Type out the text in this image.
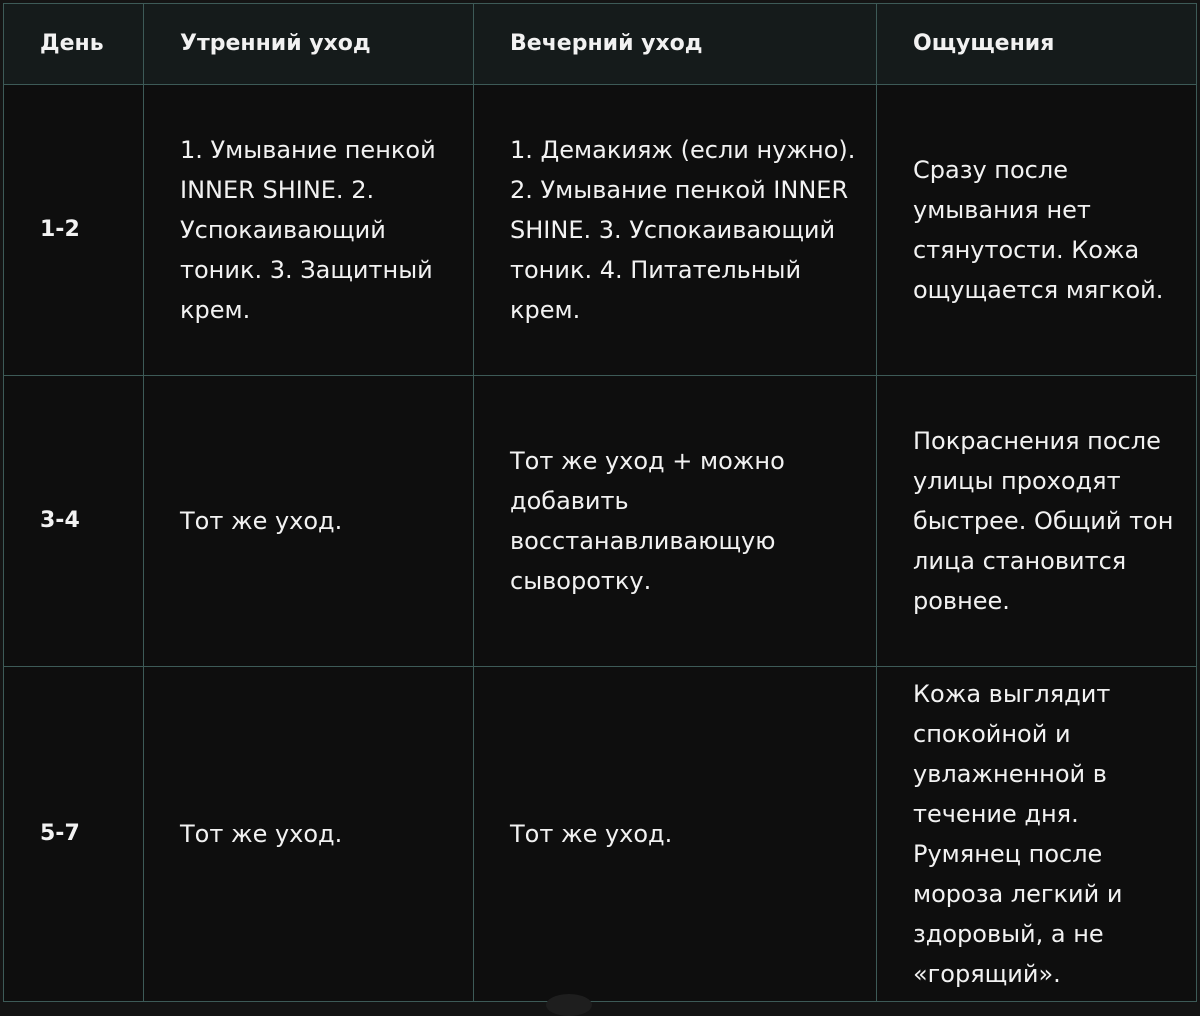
День	Утренний уход	Вечерний уход	Ощущения
1-2	1. Умывание пенкой INNER SHINE. 2. Успокаивающий тоник. 3. Защитный крем.	1. Демакияж (если нужно). 2. Умывание пенкой INNER SHINE. 3. Успокаивающий тоник. 4. Питательный крем.	Сразу после умывания нет стянутости. Кожа ощущается мягкой.
3-4	Тот же уход.	Тот же уход + можно добавить восстанавливающую сыворотку.	Покраснения после улицы проходят быстрее. Общий тон лица становится ровнее.
5-7	Тот же уход.	Тот же уход.	Кожа выглядит спокойной и увлажненной в течение дня. Румянец после мороза легкий и здоровый, а не «горящий».
